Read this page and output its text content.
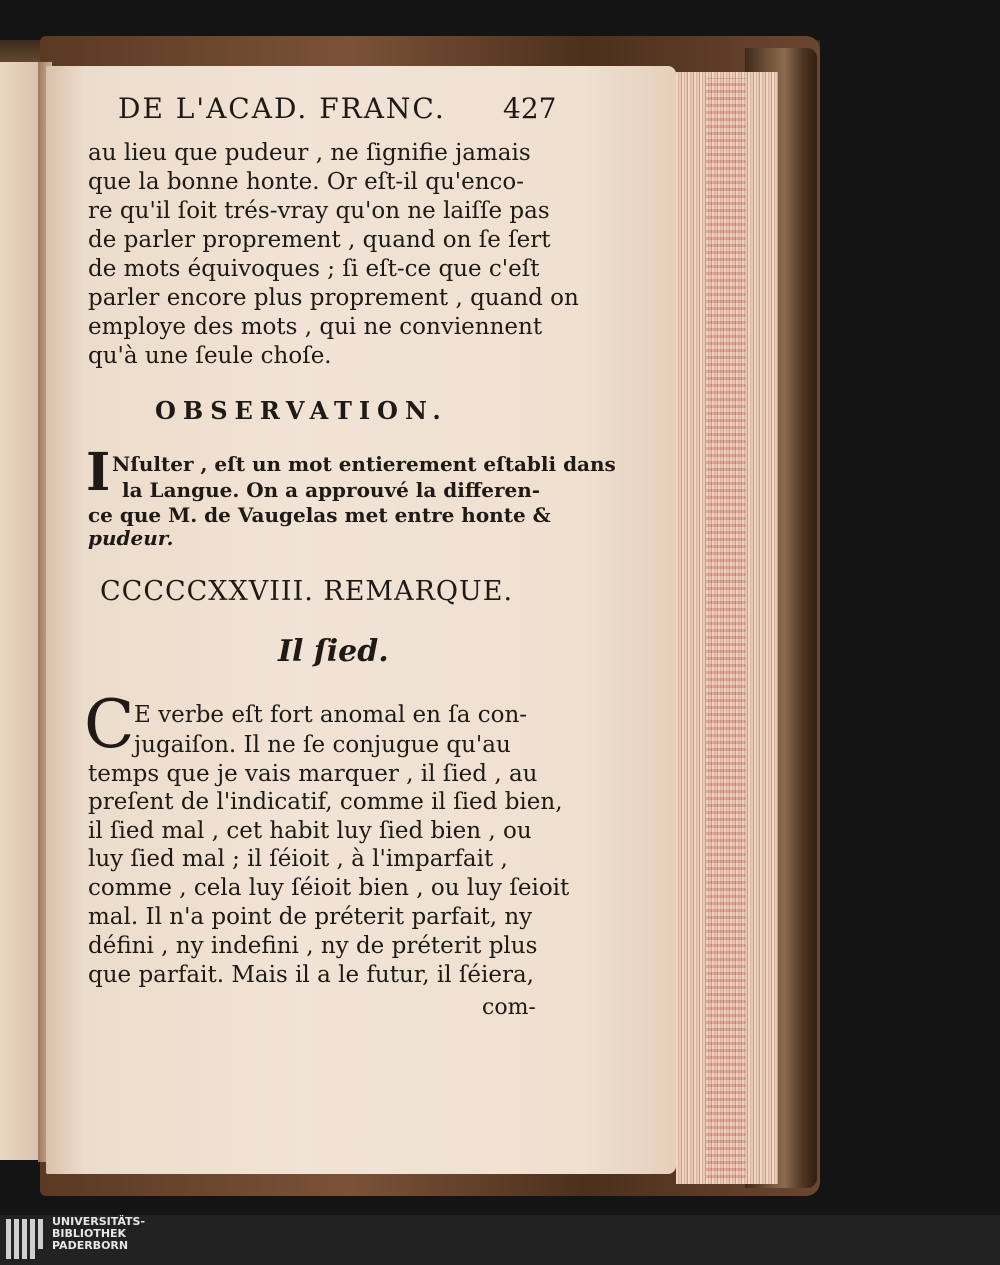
DE L'ACAD. FRANC. 427
au lieu que pudeur , ne ſignifie jamais
que la bonne honte. Or eſt-il qu'enco-
re qu'il ſoit trés-vray qu'on ne laiſſe pas
de parler proprement , quand on ſe ſert
de mots équivoques ; ſi eſt-ce que c'eſt
parler encore plus proprement , quand on
employe des mots , qui ne conviennent
qu'à une ſeule choſe.
OBSERVATION.
I Nſulter , eſt un mot entierement eſtabli dans
la Langue. On a approuvé la differen-
ce que M. de Vaugelas met entre honte &
pudeur.
CCCCCXXVIII. REMARQUE.
Il ſied.
C E verbe eſt fort anomal en ſa con-
jugaiſon. Il ne ſe conjugue qu'au
temps que je vais marquer , il ſied , au
preſent de l'indicatif, comme il ſied bien,
il ſied mal , cet habit luy ſied bien , ou
luy ſied mal ; il ſéioit , à l'imparfait ,
comme , cela luy ſéioit bien , ou luy ſeioit
mal. Il n'a point de préterit parfait, ny
défini , ny indefini , ny de préterit plus
que parfait. Mais il a le futur, il ſéiera,
com-
UNIVERSITÄTS-
BIBLIOTHEK
PADERBORN
